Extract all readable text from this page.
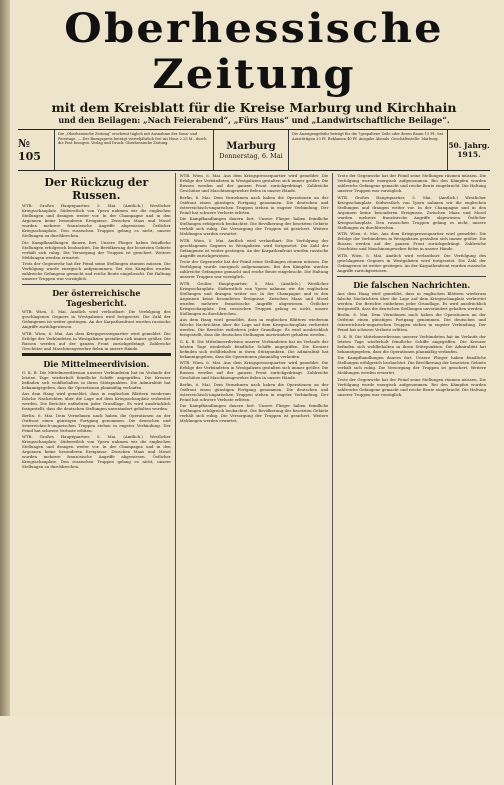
Oberhessische Zeitung
mit dem Kreisblatt für die Kreise Marburg und Kirchhain
und den Beilagen: „Nach Feierabend“, „Fürs Haus“ und „Landwirtschaftliche Beilage“.
№ 105
Die „Oberhessische Zeitung“ erscheint täglich mit Ausnahme der Sonn- und Feiertage. — Der Bezugspreis beträgt vierteljährlich frei ins Haus 2.25 M., durch die Post bezogen. Verlag und Druck: Oberhessische Zeitung.	Marburg
Donnerstag, 6. Mai
Die Anzeigengebühr beträgt für die 7gespaltene Zeile oder deren Raum 15 Pf., bei Auswärtigen 20 Pf. Reklamen 40 Pf. Ausgabe Abends. Geschäftsstelle: Marburg.
50. Jahrg.
1915.
Der Rückzug der Russen.

WTB. Großes Hauptquartier, 5. Mai. (Amtlich.) Westlicher Kriegsschauplatz. Südwestlich von Ypern nahmen wir die englischen Stellungen und drangen weiter vor. In der Champagne und in den Argonnen keine besonderen Ereignisse. Zwischen Maas und Mosel wurden mehrere französische Angriffe abgewiesen. Östlicher Kriegsschauplatz. Den russischen Truppen gelang es nicht, unsere Stellungen zu durchbrechen.

Die Kampfhandlungen dauern fort. Unsere Flieger haben feindliche Stellungen erfolgreich beobachtet. Die Bevölkerung der besetzten Gebiete verhält sich ruhig. Die Versorgung der Truppen ist gesichert. Weitere Meldungen werden erwartet.

Trotz der Gegenwehr hat der Feind seine Stellungen räumen müssen. Die Verfolgung wurde energisch aufgenommen. Bei den Kämpfen wurden zahlreiche Gefangene gemacht und reiche Beute eingebracht. Die Haltung unserer Truppen war vorzüglich.

Der österreichische Tagesbericht.

WTB. Wien, 5. Mai. Amtlich wird verlautbart: Die Verfolgung des geschlagenen Gegners in Westgalizien wird fortgesetzt. Die Zahl der Gefangenen ist weiter gestiegen. An der Karpathenfront wurden russische Angriffe zurückgewiesen.

WTB. Wien, 6. Mai. Aus dem Kriegspressequartier wird gemeldet: Die Erfolge der Verbündeten in Westgalizien gestalten sich immer größer. Die Russen werden auf der ganzen Front zurückgedrängt. Zahlreiche Geschütze und Maschinengewehre fielen in unsere Hände.

Die Mittelmeerdivision.

G. K. B. Die Mittelmeerdivision unserer Verbündeten hat im Verlaufe der letzten Tage wiederholt feindliche Schiffe angegriffen. Die Kreuzer befinden sich wohlbehalten in ihren Stützpunkten. Die Admiralität hat bekanntgegeben, dass die Operationen planmäßig verlaufen.

Aus dem Haag wird gemeldet, dass in englischen Blättern wiederum falsche Nachrichten über die Lage auf dem Kriegsschauplatz verbreitet werden. Die Berichte entbehren jeder Grundlage. Es wird ausdrücklich festgestellt, dass die deutschen Stellungen unverändert gehalten werden.

Berlin, 6. Mai. Dem Vernehmen nach haben die Operationen an der Ostfront einen günstigen Fortgang genommen. Die deutschen und österreichisch-ungarischen Truppen stehen in engster Verbindung. Der Feind hat schwere Verluste erlitten.

WTB. Großes Hauptquartier, 5. Mai. (Amtlich.) Westlicher Kriegsschauplatz. Südwestlich von Ypern nahmen wir die englischen Stellungen und drangen weiter vor. In der Champagne und in den Argonnen keine besonderen Ereignisse. Zwischen Maas und Mosel wurden mehrere französische Angriffe abgewiesen. Östlicher Kriegsschauplatz. Den russischen Truppen gelang es nicht, unsere Stellungen zu durchbrechen.

WTB. Wien, 6. Mai. Aus dem Kriegspressequartier wird gemeldet: Die Erfolge der Verbündeten in Westgalizien gestalten sich immer größer. Die Russen werden auf der ganzen Front zurückgedrängt. Zahlreiche Geschütze und Maschinengewehre fielen in unsere Hände.

Berlin, 6. Mai. Dem Vernehmen nach haben die Operationen an der Ostfront einen günstigen Fortgang genommen. Die deutschen und österreichisch-ungarischen Truppen stehen in engster Verbindung. Der Feind hat schwere Verluste erlitten.

Die Kampfhandlungen dauern fort. Unsere Flieger haben feindliche Stellungen erfolgreich beobachtet. Die Bevölkerung der besetzten Gebiete verhält sich ruhig. Die Versorgung der Truppen ist gesichert. Weitere Meldungen werden erwartet.

WTB. Wien, 5. Mai. Amtlich wird verlautbart: Die Verfolgung des geschlagenen Gegners in Westgalizien wird fortgesetzt. Die Zahl der Gefangenen ist weiter gestiegen. An der Karpathenfront wurden russische Angriffe zurückgewiesen.

Trotz der Gegenwehr hat der Feind seine Stellungen räumen müssen. Die Verfolgung wurde energisch aufgenommen. Bei den Kämpfen wurden zahlreiche Gefangene gemacht und reiche Beute eingebracht. Die Haltung unserer Truppen war vorzüglich.

WTB. Großes Hauptquartier, 5. Mai. (Amtlich.) Westlicher Kriegsschauplatz. Südwestlich von Ypern nahmen wir die englischen Stellungen und drangen weiter vor. In der Champagne und in den Argonnen keine besonderen Ereignisse. Zwischen Maas und Mosel wurden mehrere französische Angriffe abgewiesen. Östlicher Kriegsschauplatz. Den russischen Truppen gelang es nicht, unsere Stellungen zu durchbrechen.

Aus dem Haag wird gemeldet, dass in englischen Blättern wiederum falsche Nachrichten über die Lage auf dem Kriegsschauplatz verbreitet werden. Die Berichte entbehren jeder Grundlage. Es wird ausdrücklich festgestellt, dass die deutschen Stellungen unverändert gehalten werden.

G. K. B. Die Mittelmeerdivision unserer Verbündeten hat im Verlaufe der letzten Tage wiederholt feindliche Schiffe angegriffen. Die Kreuzer befinden sich wohlbehalten in ihren Stützpunkten. Die Admiralität hat bekanntgegeben, dass die Operationen planmäßig verlaufen.

WTB. Wien, 6. Mai. Aus dem Kriegspressequartier wird gemeldet: Die Erfolge der Verbündeten in Westgalizien gestalten sich immer größer. Die Russen werden auf der ganzen Front zurückgedrängt. Zahlreiche Geschütze und Maschinengewehre fielen in unsere Hände.

Berlin, 6. Mai. Dem Vernehmen nach haben die Operationen an der Ostfront einen günstigen Fortgang genommen. Die deutschen und österreichisch-ungarischen Truppen stehen in engster Verbindung. Der Feind hat schwere Verluste erlitten.

Die Kampfhandlungen dauern fort. Unsere Flieger haben feindliche Stellungen erfolgreich beobachtet. Die Bevölkerung der besetzten Gebiete verhält sich ruhig. Die Versorgung der Truppen ist gesichert. Weitere Meldungen werden erwartet.

Trotz der Gegenwehr hat der Feind seine Stellungen räumen müssen. Die Verfolgung wurde energisch aufgenommen. Bei den Kämpfen wurden zahlreiche Gefangene gemacht und reiche Beute eingebracht. Die Haltung unserer Truppen war vorzüglich.

WTB. Großes Hauptquartier, 5. Mai. (Amtlich.) Westlicher Kriegsschauplatz. Südwestlich von Ypern nahmen wir die englischen Stellungen und drangen weiter vor. In der Champagne und in den Argonnen keine besonderen Ereignisse. Zwischen Maas und Mosel wurden mehrere französische Angriffe abgewiesen. Östlicher Kriegsschauplatz. Den russischen Truppen gelang es nicht, unsere Stellungen zu durchbrechen.

WTB. Wien, 6. Mai. Aus dem Kriegspressequartier wird gemeldet: Die Erfolge der Verbündeten in Westgalizien gestalten sich immer größer. Die Russen werden auf der ganzen Front zurückgedrängt. Zahlreiche Geschütze und Maschinengewehre fielen in unsere Hände.

WTB. Wien, 5. Mai. Amtlich wird verlautbart: Die Verfolgung des geschlagenen Gegners in Westgalizien wird fortgesetzt. Die Zahl der Gefangenen ist weiter gestiegen. An der Karpathenfront wurden russische Angriffe zurückgewiesen.

Die falschen Nachrichten.

Aus dem Haag wird gemeldet, dass in englischen Blättern wiederum falsche Nachrichten über die Lage auf dem Kriegsschauplatz verbreitet werden. Die Berichte entbehren jeder Grundlage. Es wird ausdrücklich festgestellt, dass die deutschen Stellungen unverändert gehalten werden.

Berlin, 6. Mai. Dem Vernehmen nach haben die Operationen an der Ostfront einen günstigen Fortgang genommen. Die deutschen und österreichisch-ungarischen Truppen stehen in engster Verbindung. Der Feind hat schwere Verluste erlitten.

G. K. B. Die Mittelmeerdivision unserer Verbündeten hat im Verlaufe der letzten Tage wiederholt feindliche Schiffe angegriffen. Die Kreuzer befinden sich wohlbehalten in ihren Stützpunkten. Die Admiralität hat bekanntgegeben, dass die Operationen planmäßig verlaufen.

Die Kampfhandlungen dauern fort. Unsere Flieger haben feindliche Stellungen erfolgreich beobachtet. Die Bevölkerung der besetzten Gebiete verhält sich ruhig. Die Versorgung der Truppen ist gesichert. Weitere Meldungen werden erwartet.

Trotz der Gegenwehr hat der Feind seine Stellungen räumen müssen. Die Verfolgung wurde energisch aufgenommen. Bei den Kämpfen wurden zahlreiche Gefangene gemacht und reiche Beute eingebracht. Die Haltung unserer Truppen war vorzüglich.
